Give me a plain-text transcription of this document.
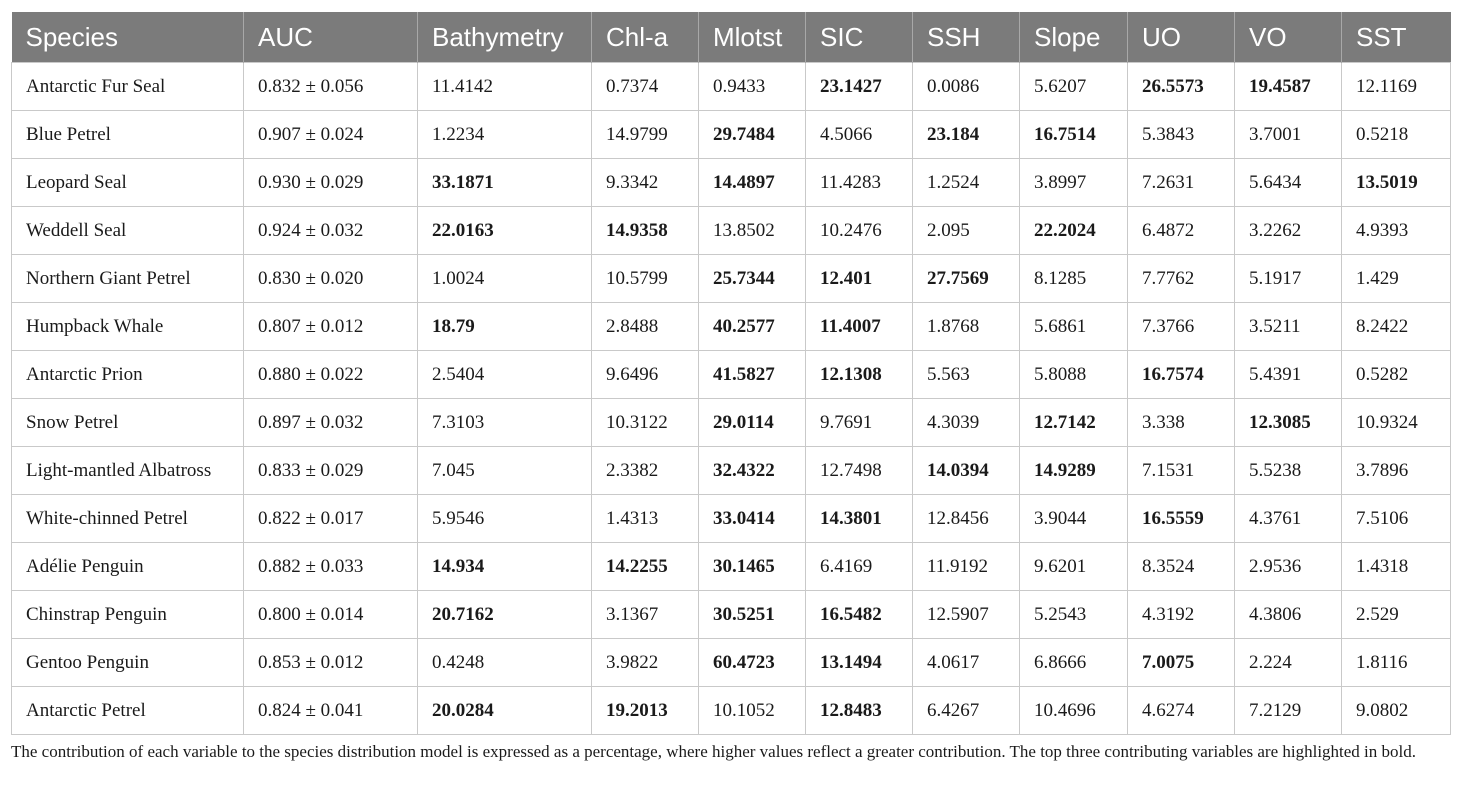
Species	AUC	Bathymetry	Chl-a	Mlotst	SIC	SSH	Slope	UO	VO	SST
Antarctic Fur Seal	0.832 ± 0.056	11.4142	0.7374	0.9433	23.1427	0.0086	5.6207	26.5573	19.4587	12.1169
Blue Petrel	0.907 ± 0.024	1.2234	14.9799	29.7484	4.5066	23.184	16.7514	5.3843	3.7001	0.5218
Leopard Seal	0.930 ± 0.029	33.1871	9.3342	14.4897	11.4283	1.2524	3.8997	7.2631	5.6434	13.5019
Weddell Seal	0.924 ± 0.032	22.0163	14.9358	13.8502	10.2476	2.095	22.2024	6.4872	3.2262	4.9393
Northern Giant Petrel	0.830 ± 0.020	1.0024	10.5799	25.7344	12.401	27.7569	8.1285	7.7762	5.1917	1.429
Humpback Whale	0.807 ± 0.012	18.79	2.8488	40.2577	11.4007	1.8768	5.6861	7.3766	3.5211	8.2422
Antarctic Prion	0.880 ± 0.022	2.5404	9.6496	41.5827	12.1308	5.563	5.8088	16.7574	5.4391	0.5282
Snow Petrel	0.897 ± 0.032	7.3103	10.3122	29.0114	9.7691	4.3039	12.7142	3.338	12.3085	10.9324
Light-mantled Albatross	0.833 ± 0.029	7.045	2.3382	32.4322	12.7498	14.0394	14.9289	7.1531	5.5238	3.7896
White-chinned Petrel	0.822 ± 0.017	5.9546	1.4313	33.0414	14.3801	12.8456	3.9044	16.5559	4.3761	7.5106
Adélie Penguin	0.882 ± 0.033	14.934	14.2255	30.1465	6.4169	11.9192	9.6201	8.3524	2.9536	1.4318
Chinstrap Penguin	0.800 ± 0.014	20.7162	3.1367	30.5251	16.5482	12.5907	5.2543	4.3192	4.3806	2.529
Gentoo Penguin	0.853 ± 0.012	0.4248	3.9822	60.4723	13.1494	4.0617	6.8666	7.0075	2.224	1.8116
Antarctic Petrel	0.824 ± 0.041	20.0284	19.2013	10.1052	12.8483	6.4267	10.4696	4.6274	7.2129	9.0802
The contribution of each variable to the species distribution model is expressed as a percentage, where higher values reflect a greater contribution. The top three contributing variables are highlighted in bold.
